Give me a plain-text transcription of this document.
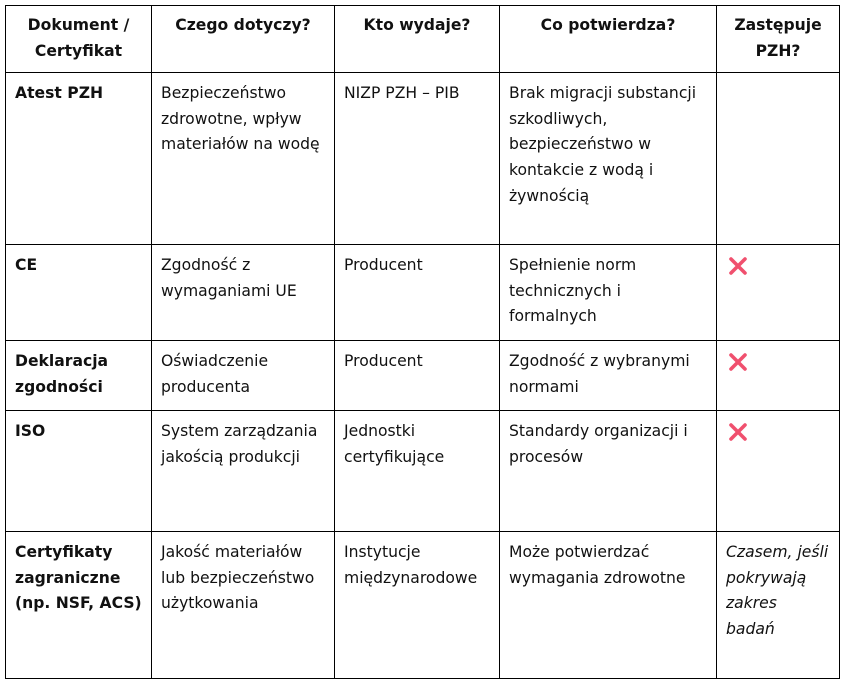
Dokument / Certyfikat	Czego dotyczy?	Kto wydaje?	Co potwierdza?	Zastępuje PZH?
Atest PZH	Bezpieczeństwo zdrowotne, wpływ materiałów na wodę	NIZP PZH – PIB	Brak migracji substancji szkodliwych, bezpieczeństwo w kontakcie z wodą i żywnością	
CE	Zgodność z wymaganiami UE	Producent	Spełnienie norm technicznych i formalnych	
Deklaracja zgodności	Oświadczenie producenta	Producent	Zgodność z wybranymi normami	
ISO	System zarządzania jakością produkcji	Jednostki certyfikujące	Standardy organizacji i procesów	
Certyfikaty zagraniczne (np. NSF, ACS)	Jakość materiałów lub bezpieczeństwo użytkowania	Instytucje międzynarodowe	Może potwierdzać wymagania zdrowotne	Czasem, jeśli pokrywają zakres badań
